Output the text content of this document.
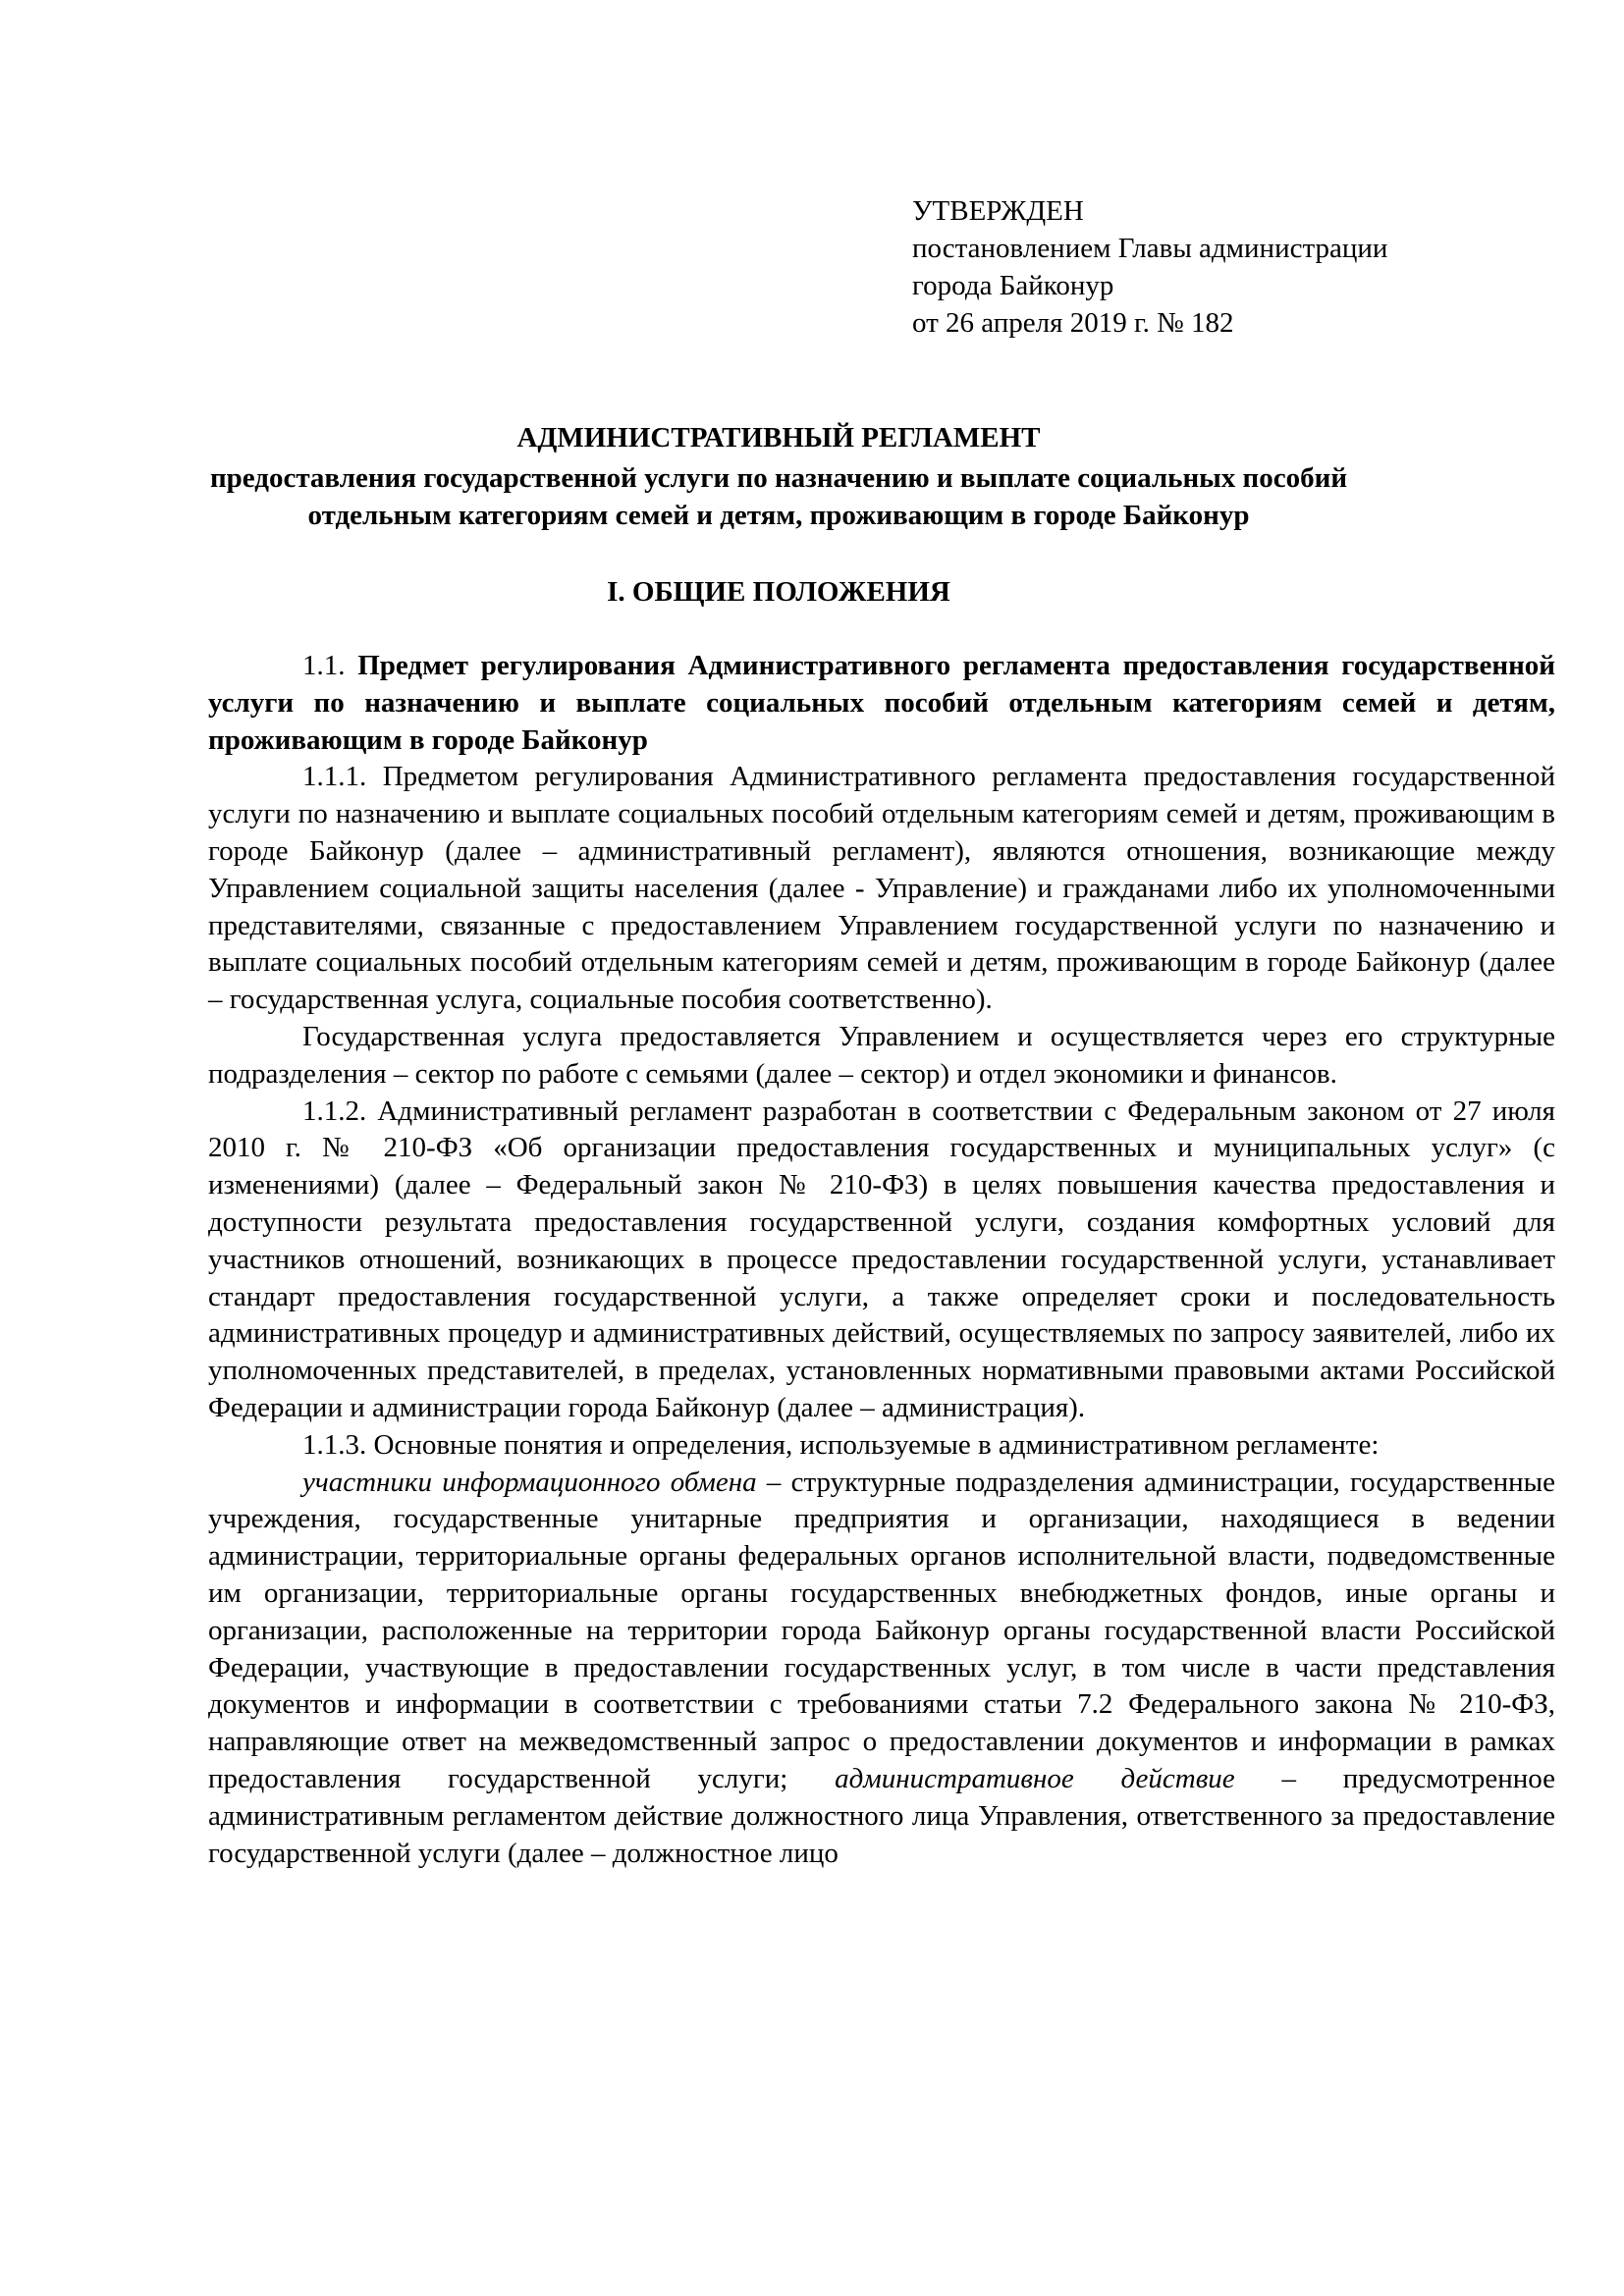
УТВЕРЖДЕН
постановлением Главы администрации
города Байконур
от 26 апреля 2019 г. № 182
АДМИНИСТРАТИВНЫЙ РЕГЛАМЕНТ
предоставления государственной услуги по назначению и выплате социальных пособий
отдельным категориям семей и детям, проживающим в городе Байконур
I. ОБЩИЕ ПОЛОЖЕНИЯ

1.1. Предмет регулирования Административного регламента предоставления государственной услуги по назначению и выплате социальных пособий отдельным категориям семей и детям, проживающим в городе Байконур

1.1.1. Предметом регулирования Административного регламента предоставления государственной услуги по назначению и выплате социальных пособий отдельным категориям семей и детям, проживающим в городе Байконур (далее – административный регламент), являются отношения, возникающие между Управлением социальной защиты населения (далее - Управление) и гражданами либо их уполномоченными представителями, связанные с предоставлением Управлением государственной услуги по назначению и выплате социальных пособий отдельным категориям семей и детям, проживающим в городе Байконур (далее – государственная услуга, социальные пособия соответственно).

Государственная услуга предоставляется Управлением и осуществляется через его структурные подразделения – сектор по работе с семьями (далее – сектор) и отдел экономики и финансов.

1.1.2. Административный регламент разработан в соответствии с Федеральным законом от 27 июля 2010 г. № 210-ФЗ «Об организации предоставления государственных и муниципальных услуг» (с изменениями) (далее – Федеральный закон № 210-ФЗ) в целях повышения качества предоставления и доступности результата предоставления государственной услуги, создания комфортных условий для участников отношений, возникающих в процессе предоставлении государственной услуги, устанавливает стандарт предоставления государственной услуги, а также определяет сроки и последовательность административных процедур и административных действий, осуществляемых по запросу заявителей, либо их уполномоченных представителей, в пределах, установленных нормативными правовыми актами Российской Федерации и администрации города Байконур (далее – администрация).

1.1.3. Основные понятия и определения, используемые в административном регламенте:

участники информационного обмена – структурные подразделения администрации, государственные учреждения, государственные унитарные предприятия и организации, находящиеся в ведении администрации, территориальные органы федеральных органов исполнительной власти, подведомственные им организации, территориальные органы государственных внебюджетных фондов, иные органы и организации, расположенные на территории города Байконур органы государственной власти Российской Федерации, участвующие в предоставлении государственных услуг, в том числе в части представления документов и информации в соответствии с требованиями статьи 7.2 Федерального закона № 210-ФЗ, направляющие ответ на межведомственный запрос о предоставлении документов и информации в рамках предоставления государственной услуги; административное действие – предусмотренное административным регламентом действие должностного лица Управления, ответственного за предоставление государственной услуги (далее – должностное лицо
